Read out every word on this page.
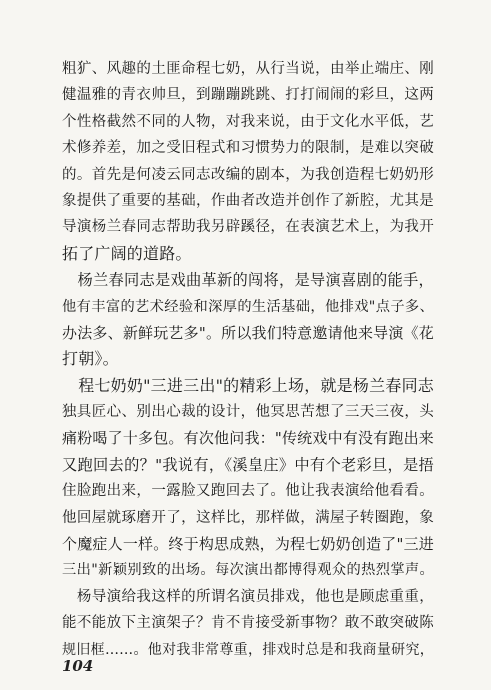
粗犷、风趣的土匪命程七奶，从行当说，由举止端庄、刚
健温雅的青衣帅旦，到蹦蹦跳跳、打打闹闹的彩旦，这两
个性格截然不同的人物，对我来说，由于文化水平低，艺
术修养差，加之受旧程式和习惯势力的限制，是难以突破
的。首先是何凌云同志改编的剧本，为我创造程七奶奶形
象提供了重要的基础，作曲者改造并创作了新腔，尤其是
导演杨兰春同志帮助我另辟蹊径，在表演艺术上，为我开
拓了广阔的道路。
　杨兰春同志是戏曲革新的闯将，是导演喜剧的能手，
他有丰富的艺术经验和深厚的生活基础，他排戏"点子多、
办法多、新鲜玩艺多"。所以我们特意邀请他来导演《花
打朝》。
　程七奶奶"三进三出"的精彩上场，就是杨兰春同志
独具匠心、别出心裁的设计，他冥思苦想了三天三夜，头
痛粉喝了十多包。有次他问我："传统戏中有没有跑出来
又跑回去的？"我说有，《溪皇庄》中有个老彩旦，是捂
住脸跑出来，一露脸又跑回去了。他让我表演给他看看。
他回屋就琢磨开了，这样比，那样做，满屋子转圈跑，象
个魔症人一样。终于构思成熟，为程七奶奶创造了"三进
三出"新颖别致的出场。每次演出都博得观众的热烈掌声。
　杨导演给我这样的所谓名演员排戏，他也是顾虑重重，
能不能放下主演架子？肯不肯接受新事物？敢不敢突破陈
规旧框……。他对我非常尊重，排戏时总是和我商量研究，
104
